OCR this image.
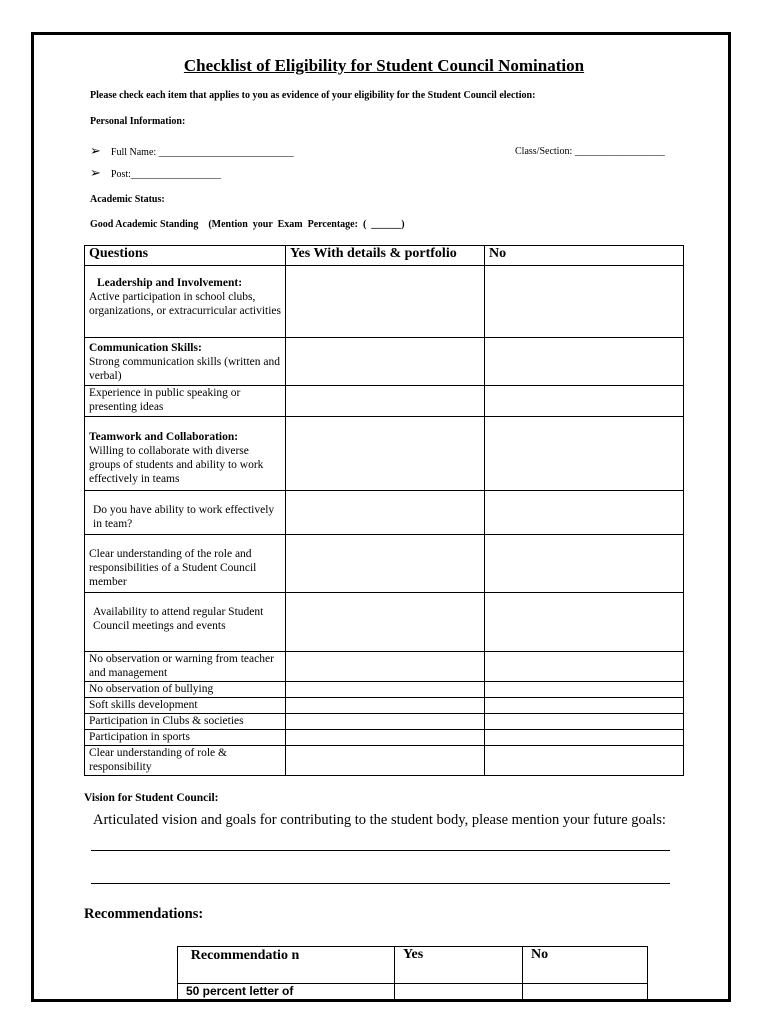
Checklist of Eligibility for Student Council Nomination
Please check each item that applies to you as evidence of your eligibility for the Student Council election:
Personal Information:
➢ Full Name: ___________________________	Class/Section: __________________
➢ Post:__________________
Academic Status:
Good Academic Standing    (Mention  your  Exam  Percentage:  (  ______)
Questions	Yes With details & portfolio	No

Leadership and Involvement:
Active participation in school clubs, organizations, or extracurricular activities		

Communication Skills:
Strong communication skills (written and verbal)		

Experience in public speaking or presenting ideas		

Teamwork and Collaboration:
Willing to collaborate with diverse groups of students and ability to work effectively in teams		

Do you have ability to work effectively in team?		

Clear understanding of the role and responsibilities of a Student Council member		

Availability to attend regular Student Council meetings and events		

No observation or warning from teacher and management		

No observation of bullying		

Soft skills development		

Participation in Clubs & societies		

Participation in sports		

Clear understanding of role & responsibility		

Vision for Student Council:
Articulated vision and goals for contributing to the student body, please mention your future goals:
Recommendations:
Recommendatio n	Yes	No
50 percent letter of		
